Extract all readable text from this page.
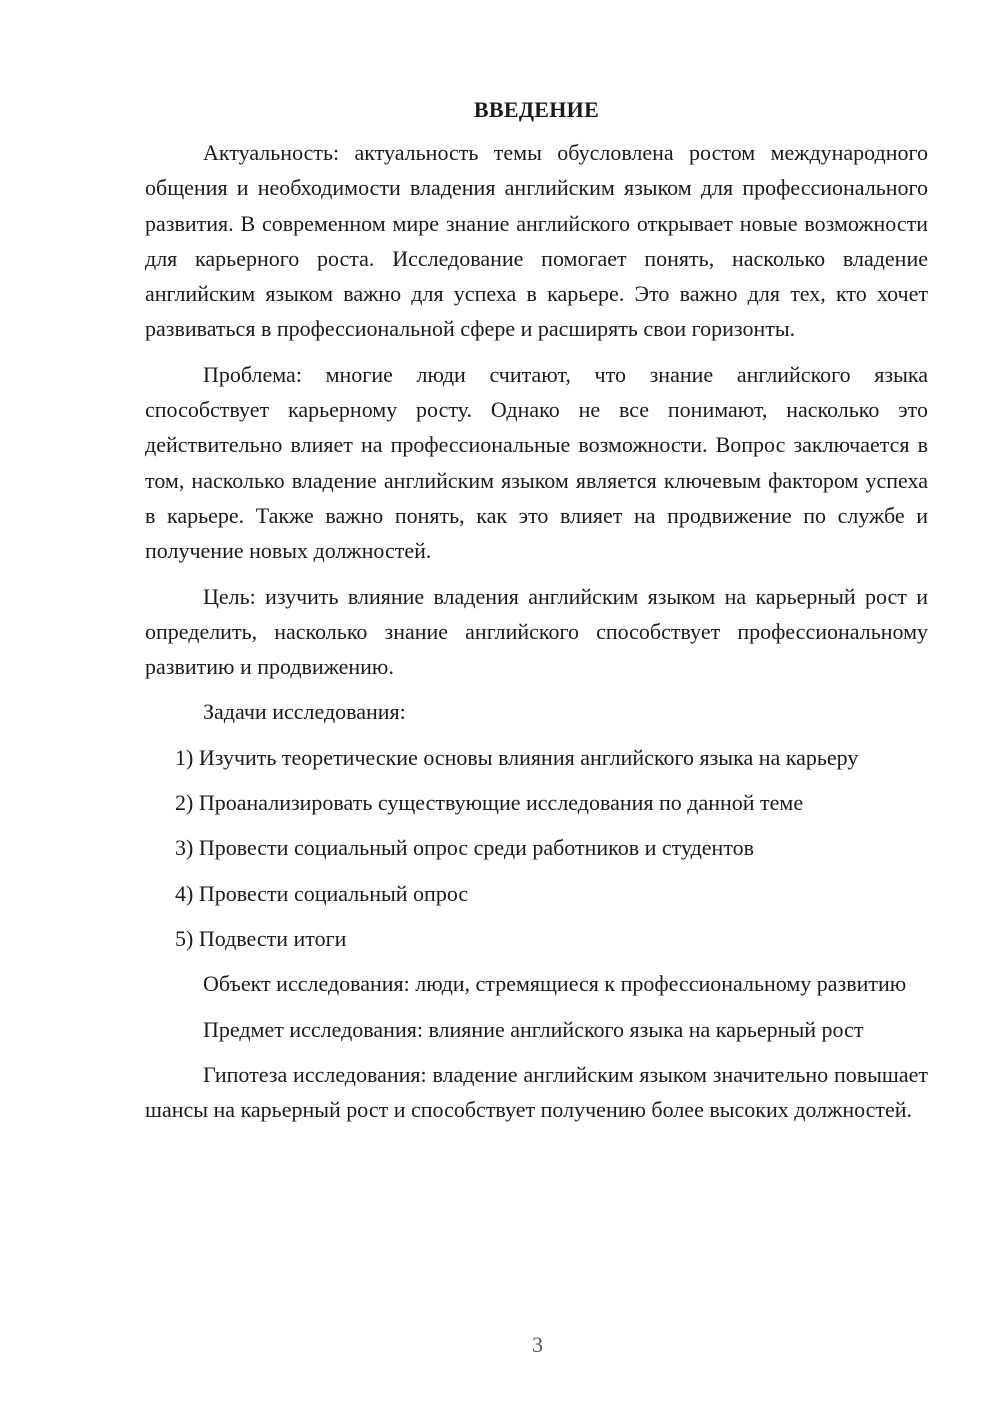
ВВЕДЕНИЕ

Актуальность: актуальность темы обусловлена ростом международного общения и необходимости владения английским языком для профессионального развития. В современном мире знание английского открывает новые возможности для карьерного роста. Исследование помогает понять, насколько владение английским языком важно для успеха в карьере. Это важно для тех, кто хочет развиваться в профессиональной сфере и расширять свои горизонты.

Проблема: многие люди считают, что знание английского языка способствует карьерному росту. Однако не все понимают, насколько это действительно влияет на профессиональные возможности. Вопрос заключается в том, насколько владение английским языком является ключевым фактором успеха в карьере. Также важно понять, как это влияет на продвижение по службе и получение новых должностей.

Цель: изучить влияние владения английским языком на карьерный рост и определить, насколько знание английского способствует профессиональному развитию и продвижению.

Задачи исследования:

1) Изучить теоретические основы влияния английского языка на карьеру
2) Проанализировать существующие исследования по данной теме
3) Провести социальный опрос среди работников и студентов
4) Провести социальный опрос
5) Подвести итоги

Объект исследования: люди, стремящиеся к профессиональному развитию

Предмет исследования: влияние английского языка на карьерный рост

Гипотеза исследования: владение английским языком значительно повышает шансы на карьерный рост и способствует получению более высоких должностей.

3
